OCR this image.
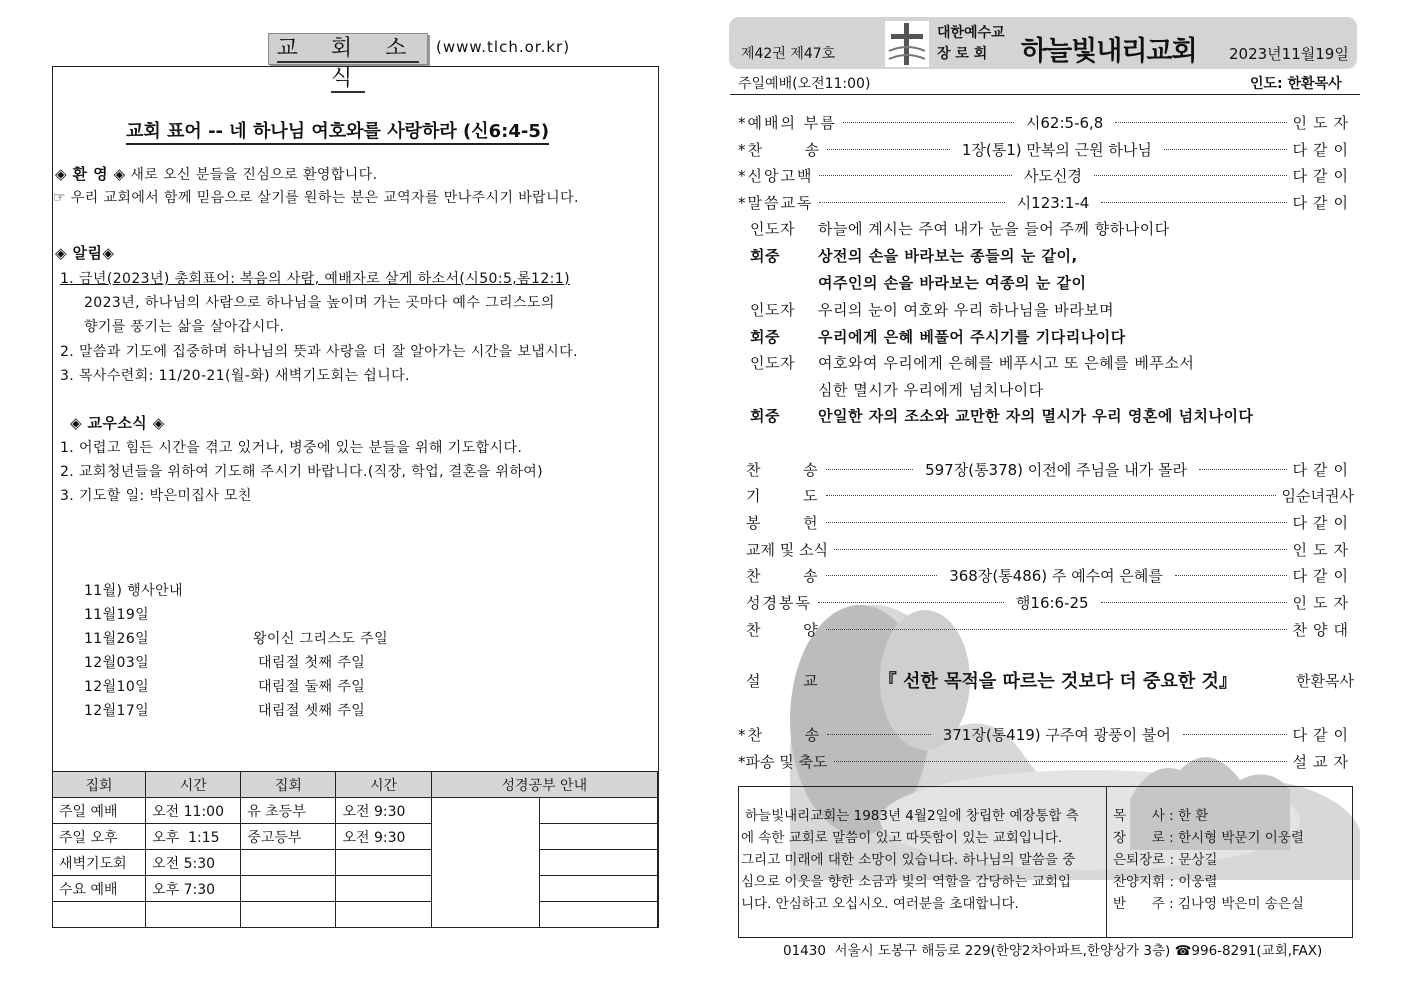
교 회 소 식
(www.tlch.or.kr)
교회 표어 -- 네 하나님 여호와를 사랑하라 (신6:4-5)
◈ 환 영 ◈ 새로 오신 분들을 진심으로 환영합니다.
☞ 우리 교회에서 함께 믿음으로 살기를 원하는 분은 교역자를 만나주시기 바랍니다.
◈ 알림◈
1. 금년(2023년) 총회표어: 복음의 사람, 예배자로 살게 하소서(시50:5,롬12:1)
2023년, 하나님의 사람으로 하나님을 높이며 가는 곳마다 예수 그리스도의
향기를 풍기는 삶을 살아갑시다.
2. 말씀과 기도에 집중하며 하나님의 뜻과 사랑을 더 잘 알아가는 시간을 보냅시다.
3. 목사수련회: 11/20-21(월-화) 새벽기도회는 쉽니다.
◈ 교우소식 ◈
1. 어렵고 힘든 시간을 겪고 있거나, 병중에 있는 분들을 위해 기도합시다.
2. 교회청년들을 위하여 기도해 주시기 바랍니다.(직장, 학업, 결혼을 위하여)
3. 기도할 일: 박은미집사 모친
11월) 행사안내
11월19일
11월26일	왕이신 그리스도 주일
12월03일	대림절 첫째 주일
12월10일	대림절 둘째 주일
12월17일	대림절 셋째 주일
집회	시간	집회	시간	성경공부 안내	
주일 예배	오전 11:00	유 초등부	오전 9:30		
주일 오후	오후  1:15	중고등부	오전 9:30		
새벽기도회	오전 5:30				
수요 예배	오후 7:30				

제42권 제47호
대한예수교
장 로 회	하늘빛내리교회 2023년11월19일
주일예배(오전11:00)	인도: 한환목사
*예배의 부름	시62:5-6,8	인도자
*찬      송	1장(통1) 만복의 근원 하나님	다같이
*신앙고백	사도신경	다같이
*말씀교독	시123:1-4	다같이
인도자 하늘에 계시는 주여 내가 눈을 들어 주께 향하나이다
회중	상전의 손을 바라보는 종들의 눈 같이,
여주인의 손을 바라보는 여종의 눈 같이
인도자 우리의 눈이 여호와 우리 하나님을 바라보며
회중	우리에게 은혜 베풀어 주시기를 기다리나이다
인도자 여호와여 우리에게 은혜를 베푸시고 또 은혜를 베푸소서
심한 멸시가 우리에게 넘치나이다
회중	안일한 자의 조소와 교만한 자의 멸시가 우리 영혼에 넘치나이다
찬      송	597장(통378) 이전에 주님을 내가 몰라	다같이
기      도	임순녀권사
봉      헌	다같이
교제 및 소식	인도자
찬      송	368장(통486) 주 예수여 은혜를	다같이
성경봉독	행16:6-25	인도자
찬      양	찬양대
설      교	『 선한 목적을 따르는 것보다 더 중요한 것』	한환목사
*찬      송	371장(통419) 구주여 광풍이 불어	다같이
*파송 및 축도	설교자
하늘빛내리교회는 1983년 4월2일에 창립한 예장통합 측
에 속한 교회로 말씀이 있고 따뜻함이 있는 교회입니다.
그리고 미래에 대한 소망이 있습니다. 하나님의 말씀을 중
심으로 이웃을 향한 소금과 빛의 역할을 감당하는 교회입
니다. 안심하고 오십시오. 여러분을 초대합니다.
목      사 : 한 환
장      로 : 한시형 박문기 이웅렬
은퇴장로 : 문상길
찬양지휘 : 이웅렬
반      주 : 김나영 박은미 송은실
01430  서울시 도봉구 해등로 229(한양2차아파트,한양상가 3층) ☎996-8291(교회,FAX)
